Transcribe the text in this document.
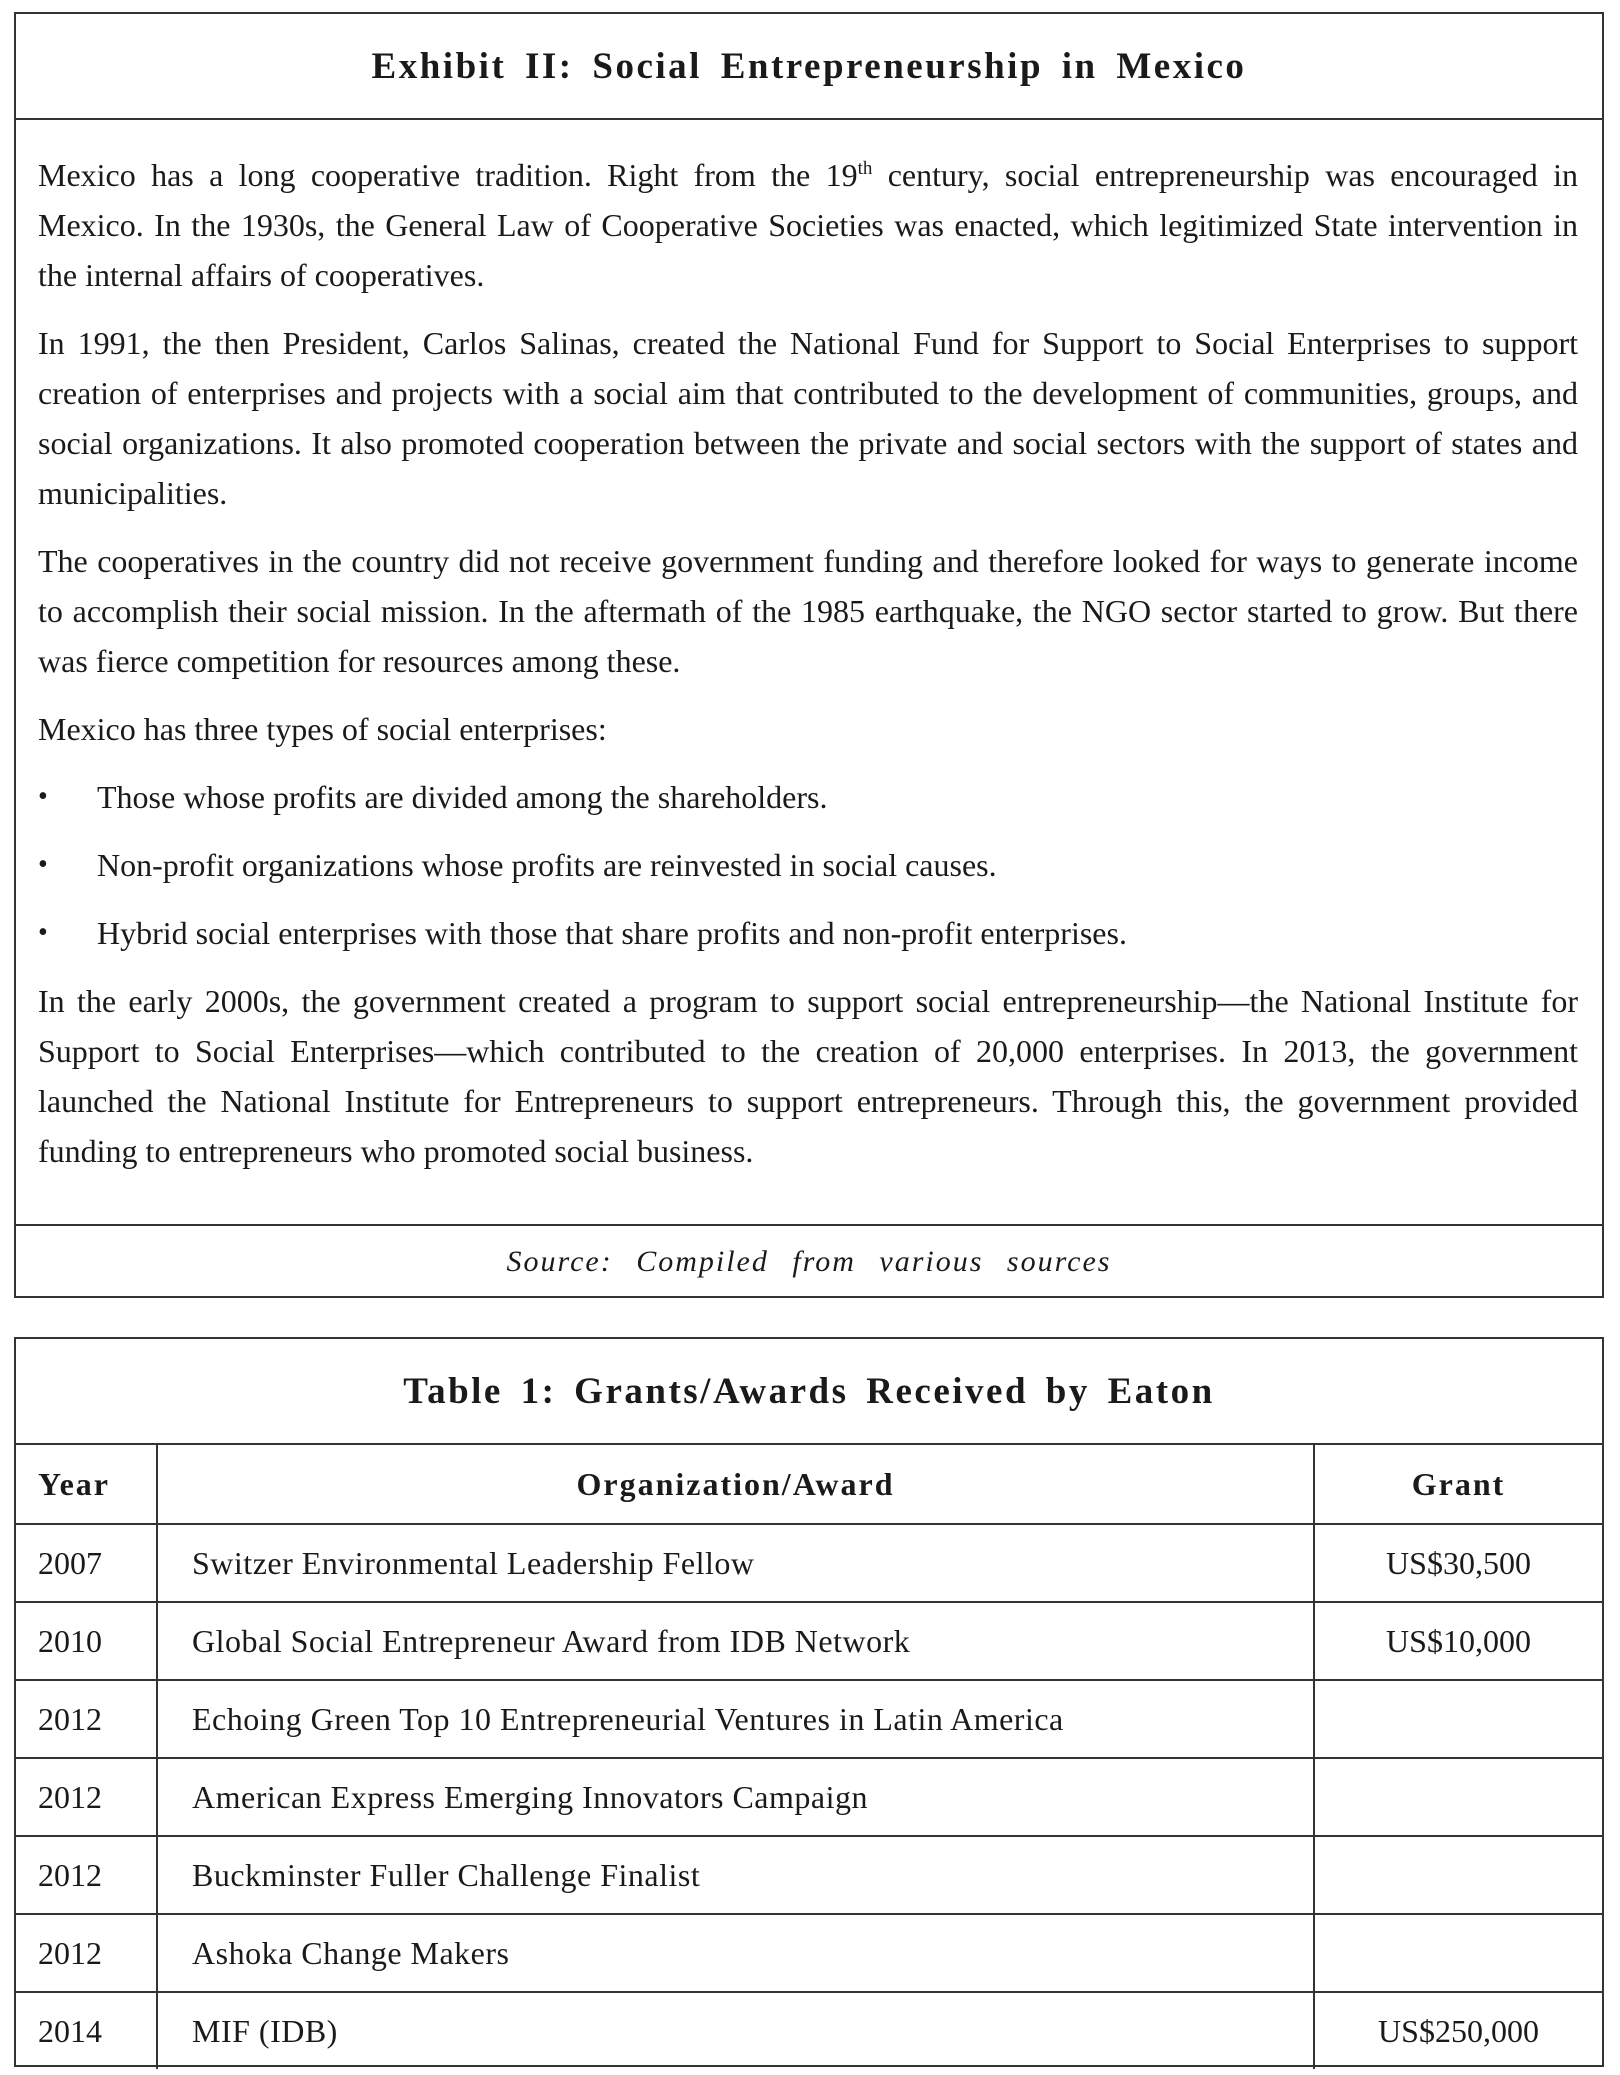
Exhibit II: Social Entrepreneurship in Mexico

Mexico has a long cooperative tradition. Right from the 19th century, social entrepreneurship was encouraged in Mexico. In the 1930s, the General Law of Cooperative Societies was enacted, which legitimized State intervention in the internal affairs of cooperatives.

In 1991, the then President, Carlos Salinas, created the National Fund for Support to Social Enterprises to support creation of enterprises and projects with a social aim that contributed to the development of communities, groups, and social organizations. It also promoted cooperation between the private and social sectors with the support of states and municipalities.

The cooperatives in the country did not receive government funding and therefore looked for ways to generate income to accomplish their social mission. In the aftermath of the 1985 earthquake, the NGO sector started to grow. But there was fierce competition for resources among these.

Mexico has three types of social enterprises:

•	Those whose profits are divided among the shareholders.
•	Non-profit organizations whose profits are reinvested in social causes.
•	Hybrid social enterprises with those that share profits and non-profit enterprises.

In the early 2000s, the government created a program to support social entrepreneurship—the National Institute for Support to Social Enterprises—which contributed to the creation of 20,000 enterprises. In 2013, the government launched the National Institute for Entrepreneurs to support entrepreneurs. Through this, the government provided funding to entrepreneurs who promoted social business.

Source: Compiled from various sources
Table 1: Grants/Awards Received by Eaton
Year	Organization/Award	Grant
2007	Switzer Environmental Leadership Fellow	US$30,500
2010	Global Social Entrepreneur Award from IDB Network	US$10,000
2012	Echoing Green Top 10 Entrepreneurial Ventures in Latin America	
2012	American Express Emerging Innovators Campaign	
2012	Buckminster Fuller Challenge Finalist	
2012	Ashoka Change Makers	
2014	MIF (IDB)	US$250,000
